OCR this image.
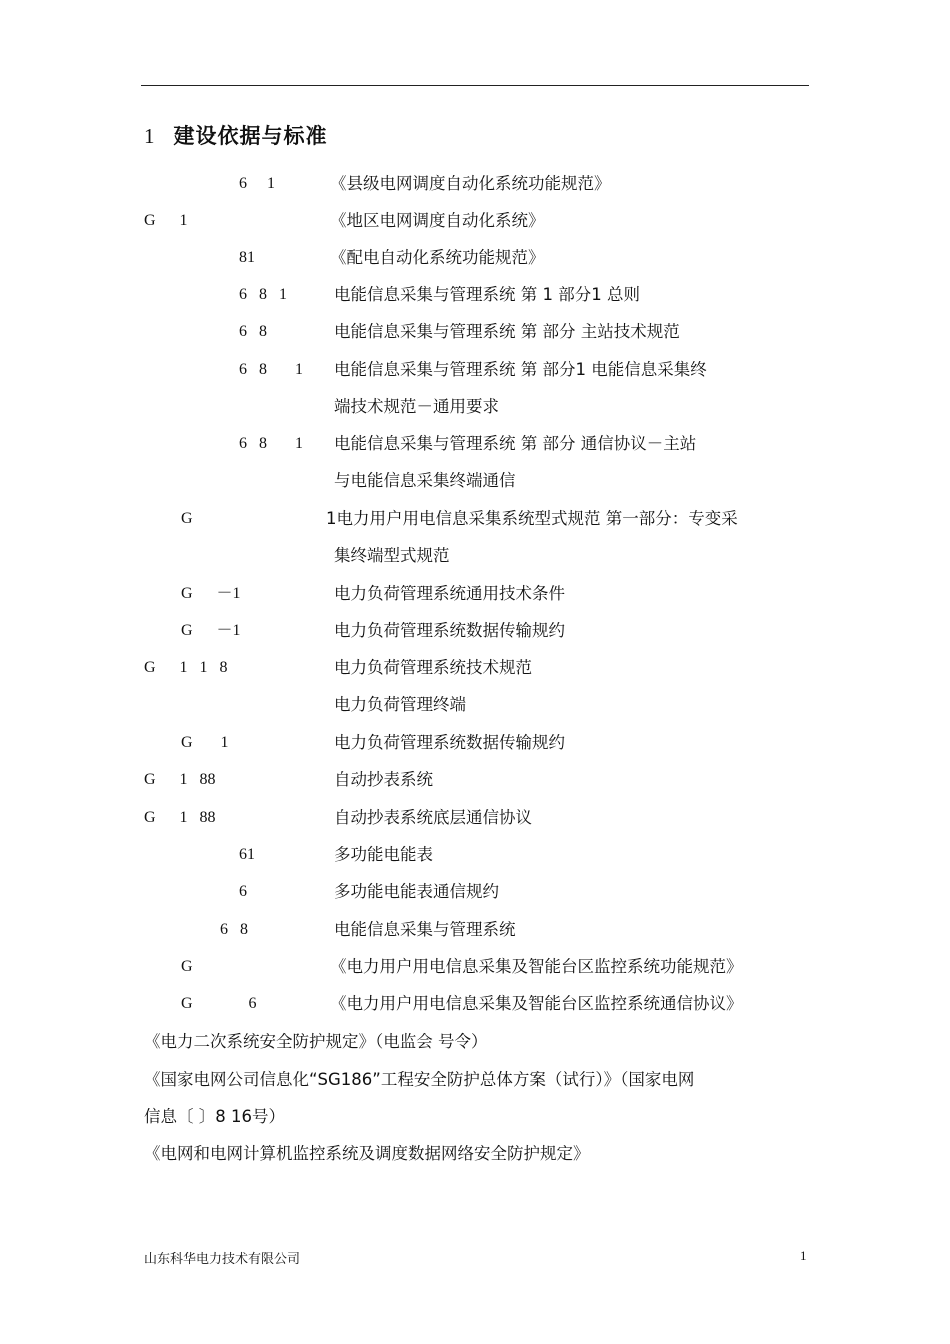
1 建设依据与标准
6     1	《县级电网调度自动化系统功能规范》
G      1	《地区电网调度自动化系统》
81	《配电自动化系统功能规范》
6   8   1	电能信息采集与管理系统 第 1 部分1 总则
6   8	电能信息采集与管理系统 第 部分 主站技术规范
6   8       1 电能信息采集与管理系统 第 部分1 电能信息采集终
端技术规范－通用要求
6   8       1 电能信息采集与管理系统 第 部分 通信协议－主站
与电能信息采集终端通信
G	1电力用户用电信息采集系统型式规范 第一部分：专变采
集终端型式规范
G      －1	电力负荷管理系统通用技术条件
G      －1	电力负荷管理系统数据传输规约
G      1   1   8	电力负荷管理系统技术规范
电力负荷管理终端
G       1	电力负荷管理系统数据传输规约
G      1   88	自动抄表系统
G      1   88	自动抄表系统底层通信协议
61	多功能电能表
6	多功能电能表通信规约
6   8	电能信息采集与管理系统
G	《电力用户用电信息采集及智能台区监控系统功能规范》
G              6	《电力用户用电信息采集及智能台区监控系统通信协议》
《电力二次系统安全防护规定》（电监会 号令）
《国家电网公司信息化“SG186”工程安全防护总体方案（试行）》（国家电网
信息〔 〕8 16号）
《电网和电网计算机监控系统及调度数据网络安全防护规定》
山东科华电力技术有限公司	1
